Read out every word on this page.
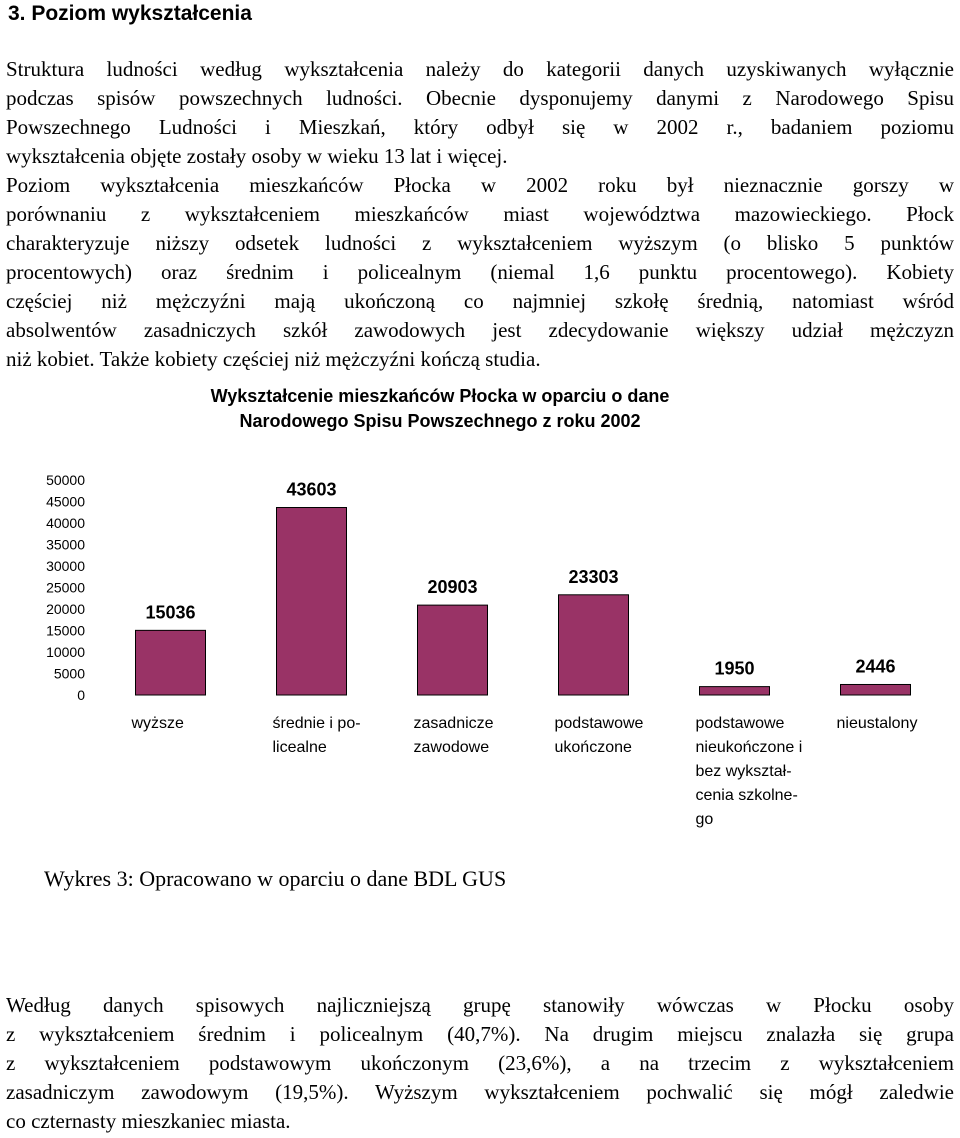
3. Poziom wykształcenia
Struktura ludności według wykształcenia należy do kategorii danych uzyskiwanych wyłącznie
podczas spisów powszechnych ludności. Obecnie dysponujemy danymi z Narodowego Spisu
Powszechnego Ludności i Mieszkań, który odbył się w 2002 r., badaniem poziomu
wykształcenia objęte zostały osoby w wieku 13 lat i więcej.
Poziom wykształcenia mieszkańców Płocka w 2002 roku był nieznacznie gorszy w
porównaniu z wykształceniem mieszkańców miast województwa mazowieckiego. Płock
charakteryzuje niższy odsetek ludności z wykształceniem wyższym (o blisko 5 punktów
procentowych) oraz średnim i policealnym (niemal 1,6 punktu procentowego). Kobiety
częściej niż mężczyźni mają ukończoną co najmniej szkołę średnią, natomiast wśród
absolwentów zasadniczych szkół zawodowych jest zdecydowanie większy udział mężczyzn
niż kobiet. Także kobiety częściej niż mężczyźni kończą studia.
Wykształcenie mieszkańców Płocka w oparciu o dane
Narodowego Spisu Powszechnego z roku 2002
0
5000
10000
15000
20000
25000
30000
35000
40000
45000
50000
15036
wyższe
43603
średnie i po-
licealne
20903
zasadnicze
zawodowe
23303
podstawowe
ukończone
1950
podstawowe
nieukończone i
bez wykształ-
cenia szkolne-
go
2446
nieustalony
Wykres 3: Opracowano w oparciu o dane BDL GUS
Według danych spisowych najliczniejszą grupę stanowiły wówczas w Płocku osoby
z wykształceniem średnim i policealnym (40,7%). Na drugim miejscu znalazła się grupa
z wykształceniem podstawowym ukończonym (23,6%), a na trzecim z wykształceniem
zasadniczym zawodowym (19,5%). Wyższym wykształceniem pochwalić się mógł zaledwie
co czternasty mieszkaniec miasta.
